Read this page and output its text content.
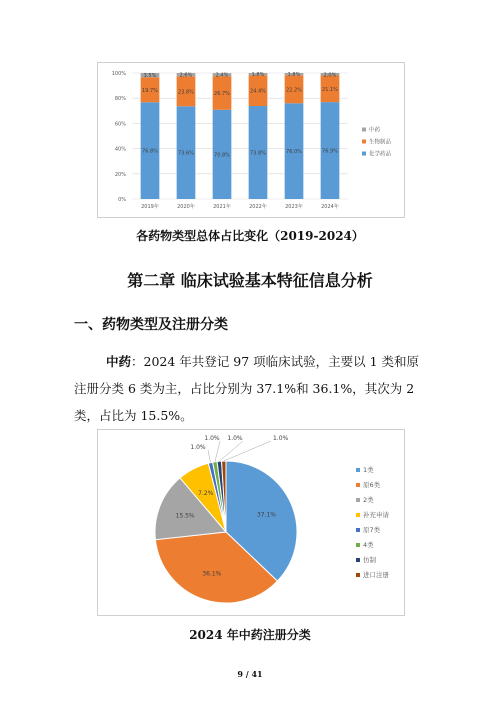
0%
20%
40%
60%
80%
100%
76.8%
19.7%
3.5%
2019年
73.6%
23.8%
2.6%
2020年
70.8%
26.7%
2.4%
2021年
73.8%
24.4%
1.8%
2022年
76.0%
22.2%
1.8%
2023年
76.9%
21.1%
2.0%
2024年
中药
生物制品
化学药品
各药物类型总体占比变化（2019-2024）
第二章 临床试验基本特征信息分析
一、药物类型及注册分类
中药：2024 年共登记 97 项临床试验，主要以 1 类和原
注册分类 6 类为主，占比分别为 37.1%和 36.1%，其次为 2
类，占比为 15.5%。
37.1%
36.1%
15.5%
7.2%
1.0%
1.0% 1.0%	1.0%
1类
原6类
2类
补充申请
原7类
4类
仿制
进口注册
2024 年中药注册分类
9 / 41
